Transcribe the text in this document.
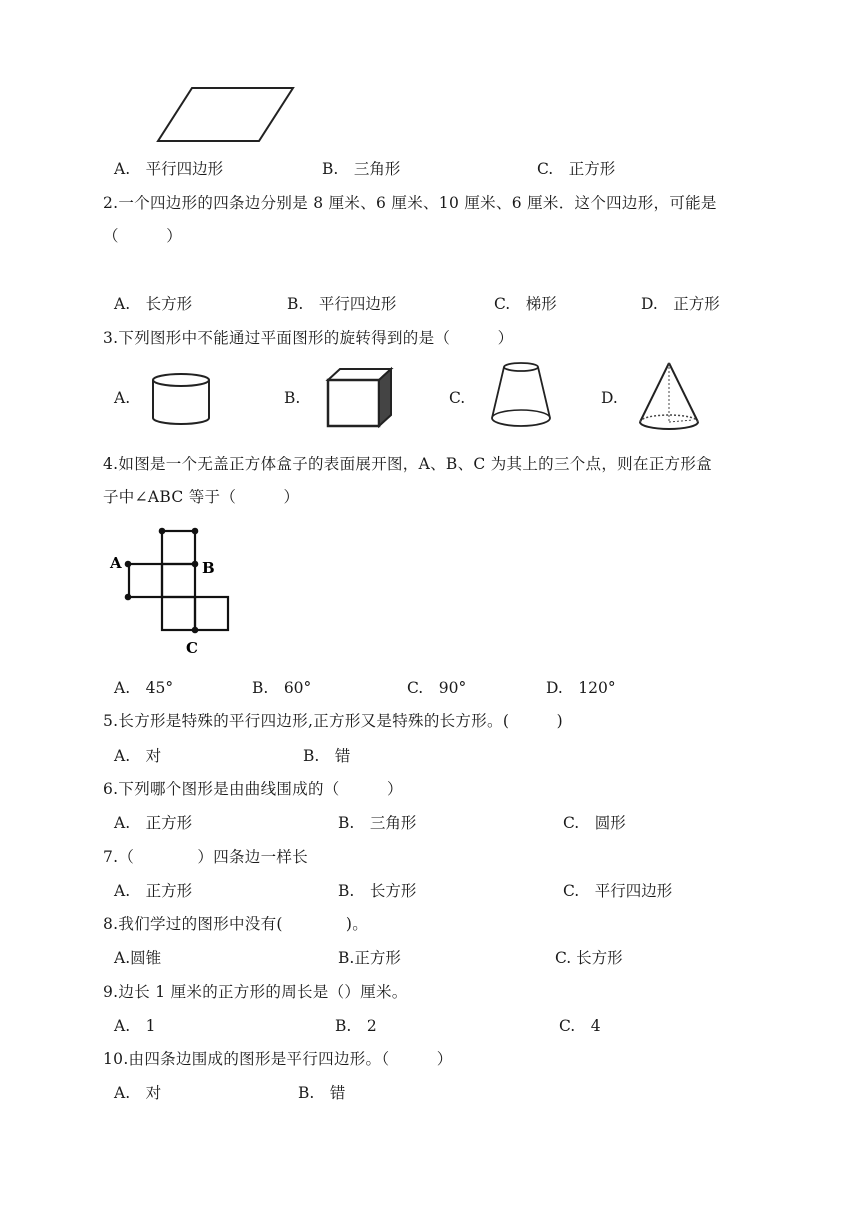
A.　平行四边形	B.　三角形	C.　正方形
2.一个四边形的四条边分别是 8 厘米、6 厘米、10 厘米、6 厘米．这个四边形，可能是
（　　　）
A.　长方形	B.　平行四边形	C.　梯形	D.　正方形
3.下列图形中不能通过平面图形的旋转得到的是（　　　）
A.	B.	C.	D.
4.如图是一个无盖正方体盒子的表面展开图，A、B、C 为其上的三个点，则在正方形盒
子中∠ABC 等于（　　　）
A	B
C
A.　45°	B.　60°	C.　90°	D.　120°
5.长方形是特殊的平行四边形,正方形又是特殊的长方形。(　　　)
A.　对	B.　错
6.下列哪个图形是由曲线围成的（　　　）
A.　正方形	B.　三角形	C.　圆形
7.（　　　　）四条边一样长
A.　正方形	B.　长方形	C.　平行四边形
8.我们学过的图形中没有(　　　　)。
A.圆锥	B.正方形	C. 长方形
9.边长 1 厘米的正方形的周长是（）厘米。
A.　1	B.　2	C.　4
10.由四条边围成的图形是平行四边形。（　　　）
A.　对	B.　错
